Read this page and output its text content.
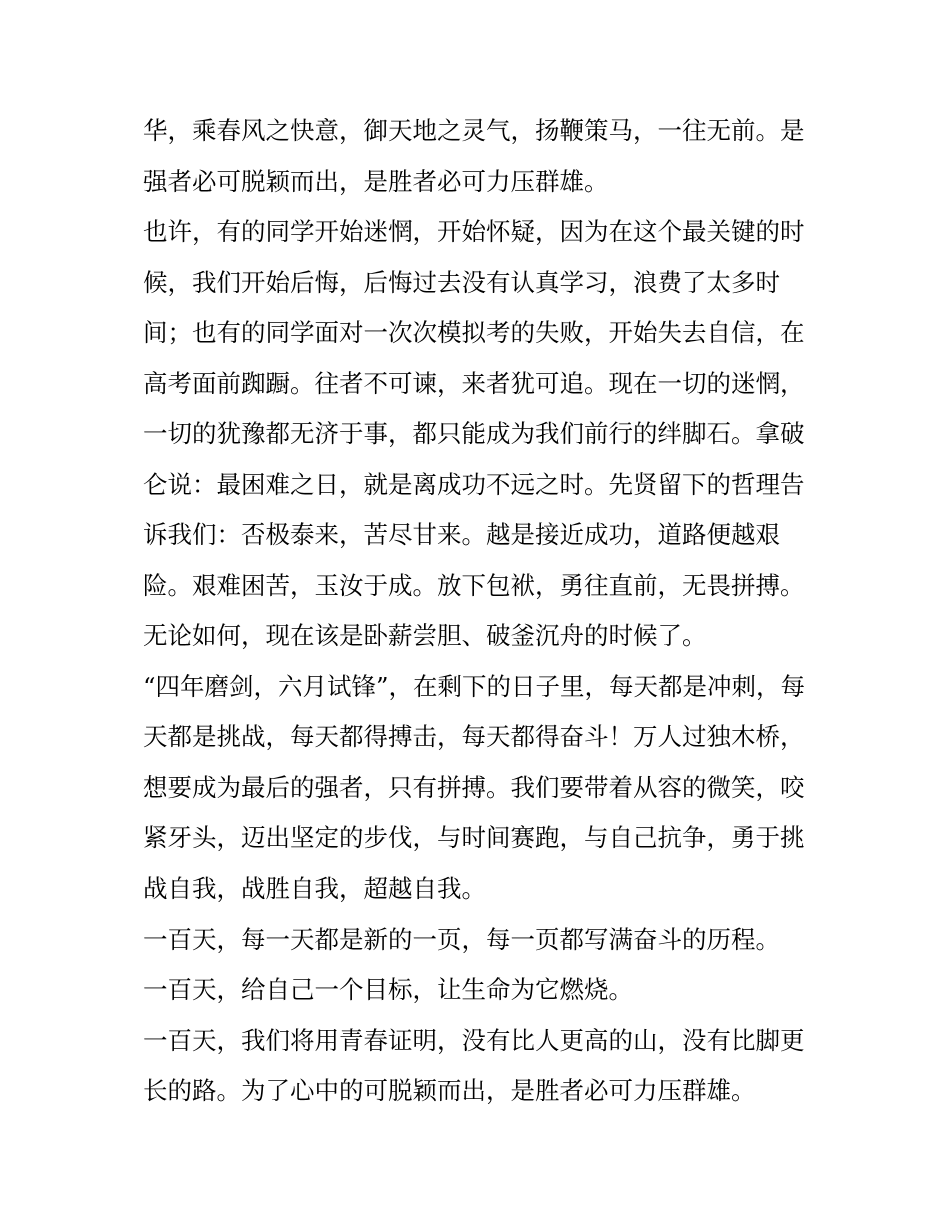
华，乘春风之快意，御天地之灵气，扬鞭策马，一往无前。是
强者必可脱颖而出，是胜者必可力压群雄。
也许，有的同学开始迷惘，开始怀疑，因为在这个最关键的时
候，我们开始后悔，后悔过去没有认真学习，浪费了太多时
间；也有的同学面对一次次模拟考的失败，开始失去自信，在
高考面前踟蹰。往者不可谏，来者犹可追。现在一切的迷惘，
一切的犹豫都无济于事，都只能成为我们前行的绊脚石。拿破
仑说：最困难之日，就是离成功不远之时。先贤留下的哲理告
诉我们：否极泰来，苦尽甘来。越是接近成功，道路便越艰
险。艰难困苦，玉汝于成。放下包袱，勇往直前，无畏拼搏。
无论如何，现在该是卧薪尝胆、破釜沉舟的时候了。
“四年磨剑，六月试锋”，在剩下的日子里，每天都是冲刺，每
天都是挑战，每天都得搏击，每天都得奋斗！万人过独木桥，
想要成为最后的强者，只有拼搏。我们要带着从容的微笑，咬
紧牙头，迈出坚定的步伐，与时间赛跑，与自己抗争，勇于挑
战自我，战胜自我，超越自我。
一百天，每一天都是新的一页，每一页都写满奋斗的历程。
一百天，给自己一个目标，让生命为它燃烧。
一百天，我们将用青春证明，没有比人更高的山，没有比脚更
长的路。为了心中的可脱颖而出，是胜者必可力压群雄。
